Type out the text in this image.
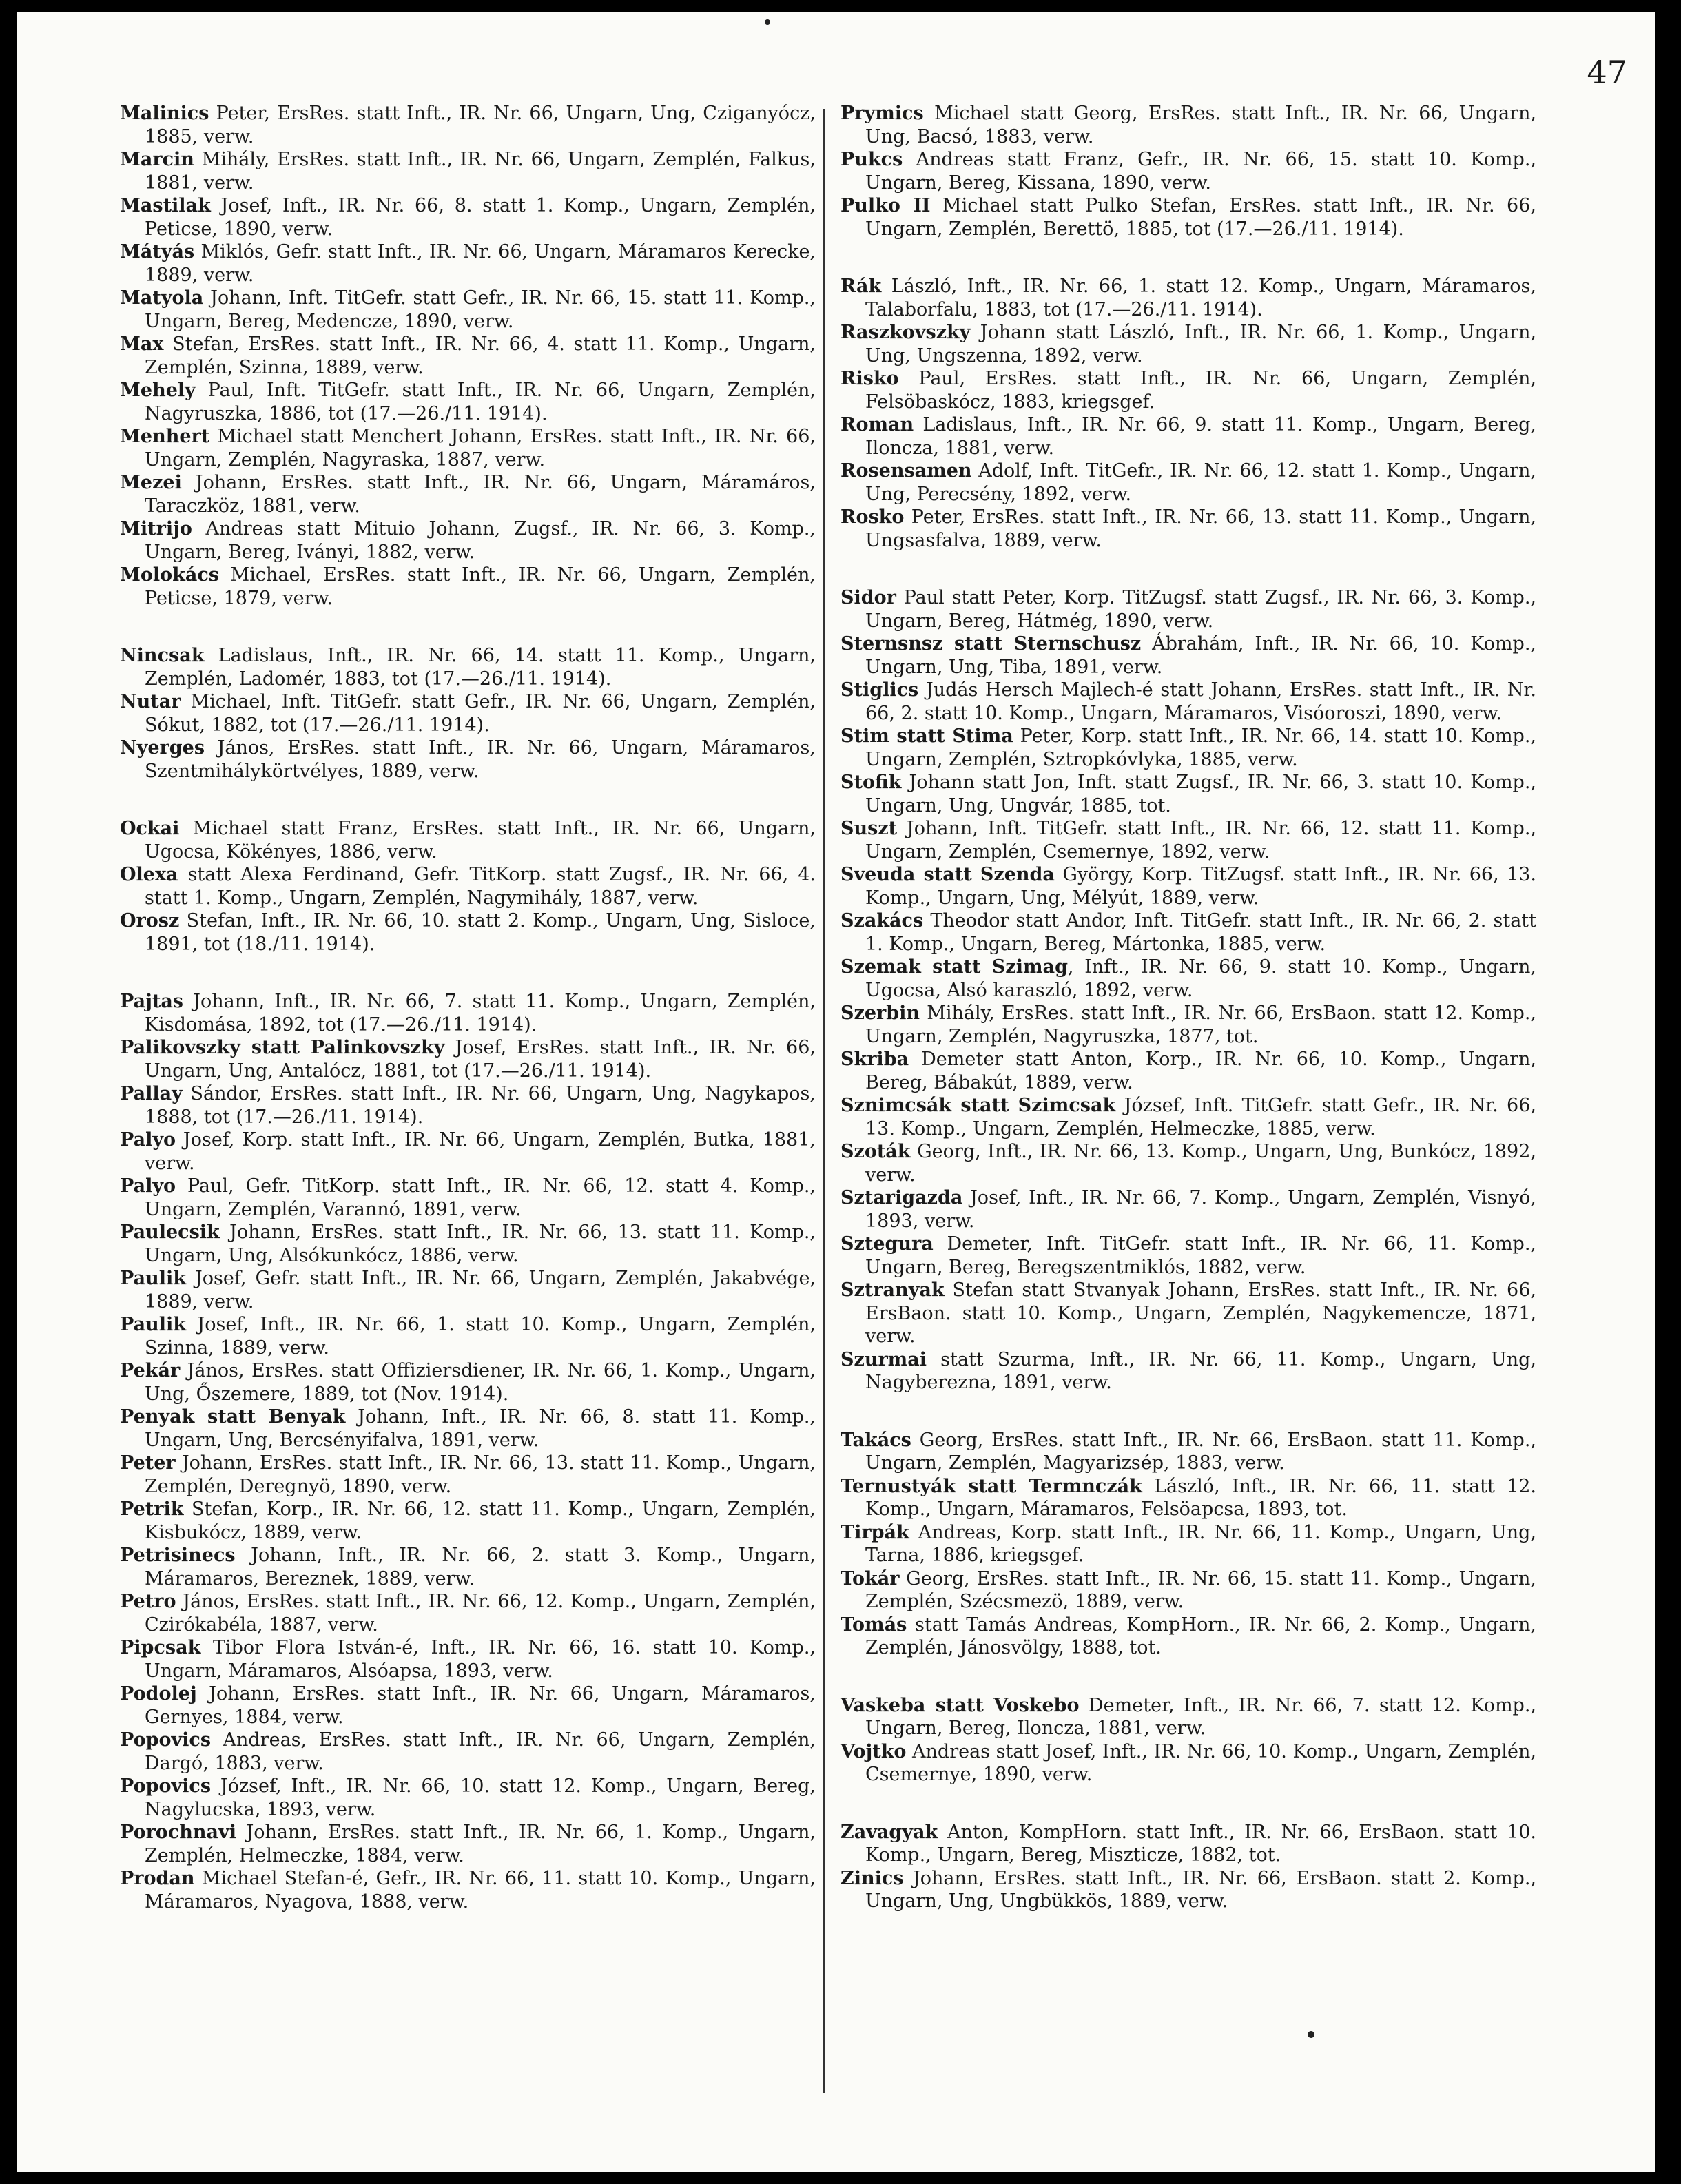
47
Malinics Peter, ErsRes. statt Inft., IR. Nr. 66, Ungarn, Ung, Cziganyócz, 1885, verw.
Marcin Mihály, ErsRes. statt Inft., IR. Nr. 66, Ungarn, Zemplén, Falkus, 1881, verw.
Mastilak Josef, Inft., IR. Nr. 66, 8. statt 1. Komp., Ungarn, Zemplén, Peticse, 1890, verw.
Mátyás Miklós, Gefr. statt Inft., IR. Nr. 66, Ungarn, Máramaros Kerecke, 1889, verw.
Matyola Johann, Inft. TitGefr. statt Gefr., IR. Nr. 66, 15. statt 11. Komp., Ungarn, Bereg, Medencze, 1890, verw.
Max Stefan, ErsRes. statt Inft., IR. Nr. 66, 4. statt 11. Komp., Ungarn, Zemplén, Szinna, 1889, verw.
Mehely Paul, Inft. TitGefr. statt Inft., IR. Nr. 66, Ungarn, Zemplén, Nagyruszka, 1886, tot (17.—26./11. 1914).
Menhert Michael statt Menchert Johann, ErsRes. statt Inft., IR. Nr. 66, Ungarn, Zemplén, Nagyraska, 1887, verw.
Mezei Johann, ErsRes. statt Inft., IR. Nr. 66, Ungarn, Máramáros, Taraczköz, 1881, verw.
Mitrijo Andreas statt Mituio Johann, Zugsf., IR. Nr. 66, 3. Komp., Ungarn, Bereg, Iványi, 1882, verw.
Molokács Michael, ErsRes. statt Inft., IR. Nr. 66, Ungarn, Zemplén, Peticse, 1879, verw.
Nincsak Ladislaus, Inft., IR. Nr. 66, 14. statt 11. Komp., Ungarn, Zemplén, Ladomér, 1883, tot (17.—26./11. 1914).
Nutar Michael, Inft. TitGefr. statt Gefr., IR. Nr. 66, Ungarn, Zemplén, Sókut, 1882, tot (17.—26./11. 1914).
Nyerges János, ErsRes. statt Inft., IR. Nr. 66, Ungarn, Máramaros, Szentmihálykörtvélyes, 1889, verw.
Ockai Michael statt Franz, ErsRes. statt Inft., IR. Nr. 66, Ungarn, Ugocsa, Kökényes, 1886, verw.
Olexa statt Alexa Ferdinand, Gefr. TitKorp. statt Zugsf., IR. Nr. 66, 4. statt 1. Komp., Ungarn, Zemplén, Nagymihály, 1887, verw.
Orosz Stefan, Inft., IR. Nr. 66, 10. statt 2. Komp., Ungarn, Ung, Sisloce, 1891, tot (18./11. 1914).
Pajtas Johann, Inft., IR. Nr. 66, 7. statt 11. Komp., Ungarn, Zemplén, Kisdomása, 1892, tot (17.—26./11. 1914).
Palikovszky statt Palinkovszky Josef, ErsRes. statt Inft., IR. Nr. 66, Ungarn, Ung, Antalócz, 1881, tot (17.—26./11. 1914).
Pallay Sándor, ErsRes. statt Inft., IR. Nr. 66, Ungarn, Ung, Nagykapos, 1888, tot (17.—26./11. 1914).
Palyo Josef, Korp. statt Inft., IR. Nr. 66, Ungarn, Zemplén, Butka, 1881, verw.
Palyo Paul, Gefr. TitKorp. statt Inft., IR. Nr. 66, 12. statt 4. Komp., Ungarn, Zemplén, Varannó, 1891, verw.
Paulecsik Johann, ErsRes. statt Inft., IR. Nr. 66, 13. statt 11. Komp., Ungarn, Ung, Alsókunkócz, 1886, verw.
Paulik Josef, Gefr. statt Inft., IR. Nr. 66, Ungarn, Zemplén, Jakabvége, 1889, verw.
Paulik Josef, Inft., IR. Nr. 66, 1. statt 10. Komp., Ungarn, Zemplén, Szinna, 1889, verw.
Pekár János, ErsRes. statt Offiziersdiener, IR. Nr. 66, 1. Komp., Ungarn, Ung, Őszemere, 1889, tot (Nov. 1914).
Penyak statt Benyak Johann, Inft., IR. Nr. 66, 8. statt 11. Komp., Ungarn, Ung, Bercsényifalva, 1891, verw.
Peter Johann, ErsRes. statt Inft., IR. Nr. 66, 13. statt 11. Komp., Ungarn, Zemplén, Deregnyö, 1890, verw.
Petrik Stefan, Korp., IR. Nr. 66, 12. statt 11. Komp., Ungarn, Zemplén, Kisbukócz, 1889, verw.
Petrisinecs Johann, Inft., IR. Nr. 66, 2. statt 3. Komp., Ungarn, Máramaros, Bereznek, 1889, verw.
Petro János, ErsRes. statt Inft., IR. Nr. 66, 12. Komp., Ungarn, Zemplén, Czirókabéla, 1887, verw.
Pipcsak Tibor Flora István-é, Inft., IR. Nr. 66, 16. statt 10. Komp., Ungarn, Máramaros, Alsóapsa, 1893, verw.
Podolej Johann, ErsRes. statt Inft., IR. Nr. 66, Ungarn, Máramaros, Gernyes, 1884, verw.
Popovics Andreas, ErsRes. statt Inft., IR. Nr. 66, Ungarn, Zemplén, Dargó, 1883, verw.
Popovics József, Inft., IR. Nr. 66, 10. statt 12. Komp., Ungarn, Bereg, Nagylucska, 1893, verw.
Porochnavi Johann, ErsRes. statt Inft., IR. Nr. 66, 1. Komp., Ungarn, Zemplén, Helmeczke, 1884, verw.
Prodan Michael Stefan-é, Gefr., IR. Nr. 66, 11. statt 10. Komp., Ungarn, Máramaros, Nyagova, 1888, verw.
Prymics Michael statt Georg, ErsRes. statt Inft., IR. Nr. 66, Ungarn, Ung, Bacsó, 1883, verw.
Pukcs Andreas statt Franz, Gefr., IR. Nr. 66, 15. statt 10. Komp., Ungarn, Bereg, Kissana, 1890, verw.
Pulko II Michael statt Pulko Stefan, ErsRes. statt Inft., IR. Nr. 66, Ungarn, Zemplén, Berettö, 1885, tot (17.—26./11. 1914).
Rák László, Inft., IR. Nr. 66, 1. statt 12. Komp., Ungarn, Máramaros, Talaborfalu, 1883, tot (17.—26./11. 1914).
Raszkovszky Johann statt László, Inft., IR. Nr. 66, 1. Komp., Ungarn, Ung, Ungszenna, 1892, verw.
Risko Paul, ErsRes. statt Inft., IR. Nr. 66, Ungarn, Zemplén, Felsöbaskócz, 1883, kriegsgef.
Roman Ladislaus, Inft., IR. Nr. 66, 9. statt 11. Komp., Ungarn, Bereg, Iloncza, 1881, verw.
Rosensamen Adolf, Inft. TitGefr., IR. Nr. 66, 12. statt 1. Komp., Ungarn, Ung, Perecsény, 1892, verw.
Rosko Peter, ErsRes. statt Inft., IR. Nr. 66, 13. statt 11. Komp., Ungarn, Ungsasfalva, 1889, verw.
Sidor Paul statt Peter, Korp. TitZugsf. statt Zugsf., IR. Nr. 66, 3. Komp., Ungarn, Bereg, Hátmég, 1890, verw.
Sternsnsz statt Sternschusz Ábrahám, Inft., IR. Nr. 66, 10. Komp., Ungarn, Ung, Tiba, 1891, verw.
Stiglics Judás Hersch Majlech-é statt Johann, ErsRes. statt Inft., IR. Nr. 66, 2. statt 10. Komp., Ungarn, Máramaros, Visóoroszi, 1890, verw.
Stim statt Stima Peter, Korp. statt Inft., IR. Nr. 66, 14. statt 10. Komp., Ungarn, Zemplén, Sztropkóvlyka, 1885, verw.
Stofik Johann statt Jon, Inft. statt Zugsf., IR. Nr. 66, 3. statt 10. Komp., Ungarn, Ung, Ungvár, 1885, tot.
Suszt Johann, Inft. TitGefr. statt Inft., IR. Nr. 66, 12. statt 11. Komp., Ungarn, Zemplén, Csemernye, 1892, verw.
Sveuda statt Szenda György, Korp. TitZugsf. statt Inft., IR. Nr. 66, 13. Komp., Ungarn, Ung, Mélyút, 1889, verw.
Szakács Theodor statt Andor, Inft. TitGefr. statt Inft., IR. Nr. 66, 2. statt 1. Komp., Ungarn, Bereg, Mártonka, 1885, verw.
Szemak statt Szimag, Inft., IR. Nr. 66, 9. statt 10. Komp., Ungarn, Ugocsa, Alsó karaszló, 1892, verw.
Szerbin Mihály, ErsRes. statt Inft., IR. Nr. 66, ErsBaon. statt 12. Komp., Ungarn, Zemplén, Nagyruszka, 1877, tot.
Skriba Demeter statt Anton, Korp., IR. Nr. 66, 10. Komp., Ungarn, Bereg, Bábakút, 1889, verw.
Sznimcsák statt Szimcsak József, Inft. TitGefr. statt Gefr., IR. Nr. 66, 13. Komp., Ungarn, Zemplén, Helmeczke, 1885, verw.
Szoták Georg, Inft., IR. Nr. 66, 13. Komp., Ungarn, Ung, Bunkócz, 1892, verw.
Sztarigazda Josef, Inft., IR. Nr. 66, 7. Komp., Ungarn, Zemplén, Visnyó, 1893, verw.
Sztegura Demeter, Inft. TitGefr. statt Inft., IR. Nr. 66, 11. Komp., Ungarn, Bereg, Beregszentmiklós, 1882, verw.
Sztranyak Stefan statt Stvanyak Johann, ErsRes. statt Inft., IR. Nr. 66, ErsBaon. statt 10. Komp., Ungarn, Zemplén, Nagykemencze, 1871, verw.
Szurmai statt Szurma, Inft., IR. Nr. 66, 11. Komp., Ungarn, Ung, Nagyberezna, 1891, verw.
Takács Georg, ErsRes. statt Inft., IR. Nr. 66, ErsBaon. statt 11. Komp., Ungarn, Zemplén, Magyarizsép, 1883, verw.
Ternustyák statt Termnczák László, Inft., IR. Nr. 66, 11. statt 12. Komp., Ungarn, Máramaros, Felsöapcsa, 1893, tot.
Tirpák Andreas, Korp. statt Inft., IR. Nr. 66, 11. Komp., Ungarn, Ung, Tarna, 1886, kriegsgef.
Tokár Georg, ErsRes. statt Inft., IR. Nr. 66, 15. statt 11. Komp., Ungarn, Zemplén, Szécsmezö, 1889, verw.
Tomás statt Tamás Andreas, KompHorn., IR. Nr. 66, 2. Komp., Ungarn, Zemplén, Jánosvölgy, 1888, tot.
Vaskeba statt Voskebo Demeter, Inft., IR. Nr. 66, 7. statt 12. Komp., Ungarn, Bereg, Ilonсza, 1881, verw.
Vojtko Andreas statt Josef, Inft., IR. Nr. 66, 10. Komp., Ungarn, Zemplén, Csemernye, 1890, verw.
Zavagyak Anton, KompHorn. statt Inft., IR. Nr. 66, ErsBaon. statt 10. Komp., Ungarn, Bereg, Miszticze, 1882, tot.
Zinics Johann, ErsRes. statt Inft., IR. Nr. 66, ErsBaon. statt 2. Komp., Ungarn, Ung, Ungbükkös, 1889, verw.
